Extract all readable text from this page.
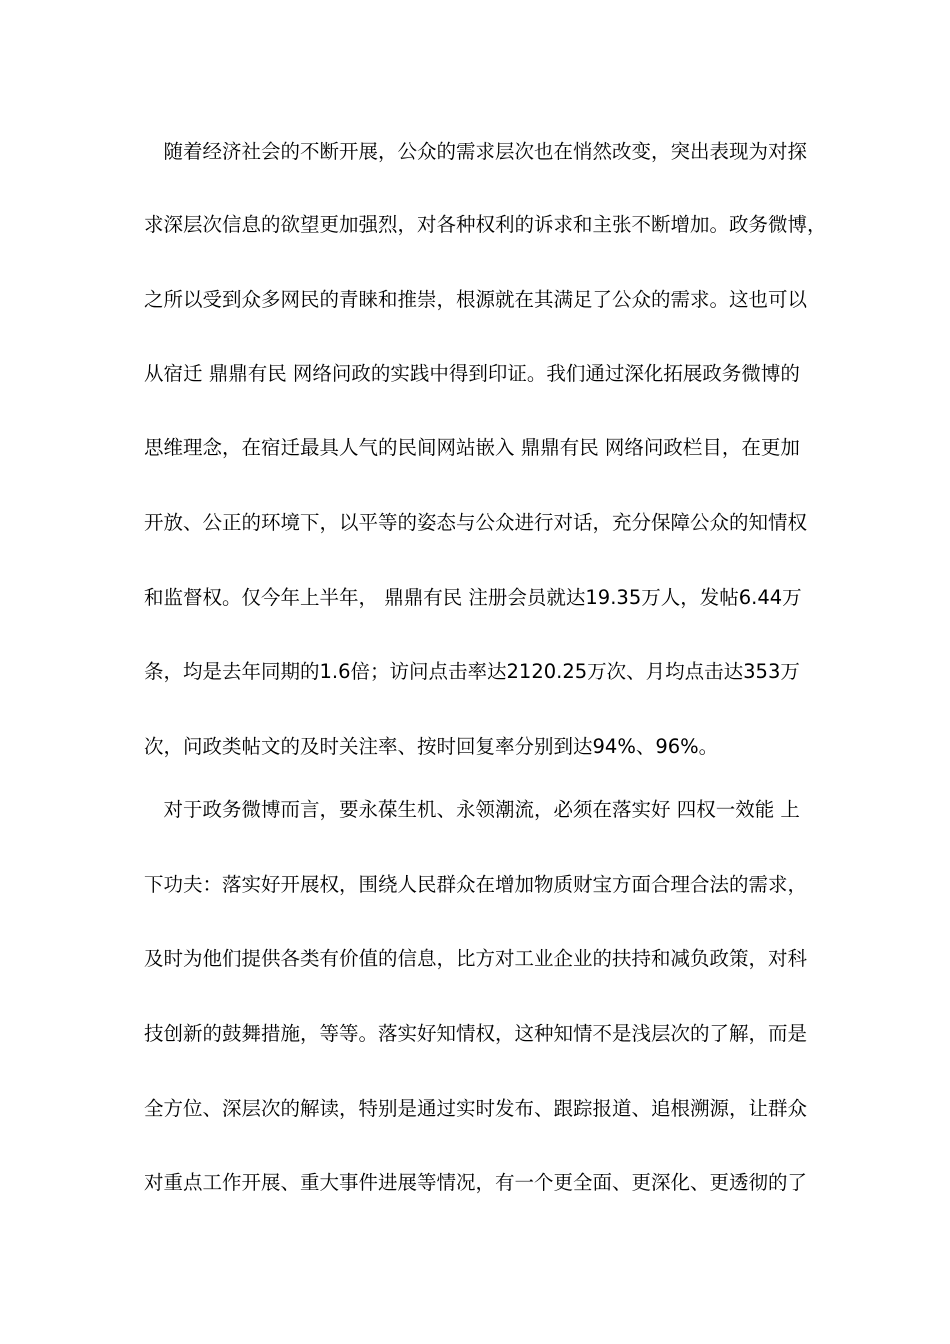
　随着经济社会的不断开展，公众的需求层次也在悄然改变，突出表现为对探
求深层次信息的欲望更加强烈，对各种权利的诉求和主张不断增加。政务微博，
之所以受到众多网民的青睐和推崇，根源就在其满足了公众的需求。这也可以
从宿迁 鼎鼎有民 网络问政的实践中得到印证。我们通过深化拓展政务微博的
思维理念，在宿迁最具人气的民间网站嵌入 鼎鼎有民 网络问政栏目，在更加
开放、公正的环境下，以平等的姿态与公众进行对话，充分保障公众的知情权
和监督权。仅今年上半年， 鼎鼎有民 注册会员就达19.35万人，发帖6.44万
条，均是去年同期的1.6倍；访问点击率达2120.25万次、月均点击达353万
次，问政类帖文的及时关注率、按时回复率分别到达94%、96%。
　对于政务微博而言，要永葆生机、永领潮流，必须在落实好 四权一效能 上
下功夫：落实好开展权，围绕人民群众在增加物质财宝方面合理合法的需求，
及时为他们提供各类有价值的信息，比方对工业企业的扶持和减负政策，对科
技创新的鼓舞措施，等等。落实好知情权，这种知情不是浅层次的了解，而是
全方位、深层次的解读，特别是通过实时发布、跟踪报道、追根溯源，让群众
对重点工作开展、重大事件进展等情况，有一个更全面、更深化、更透彻的了
